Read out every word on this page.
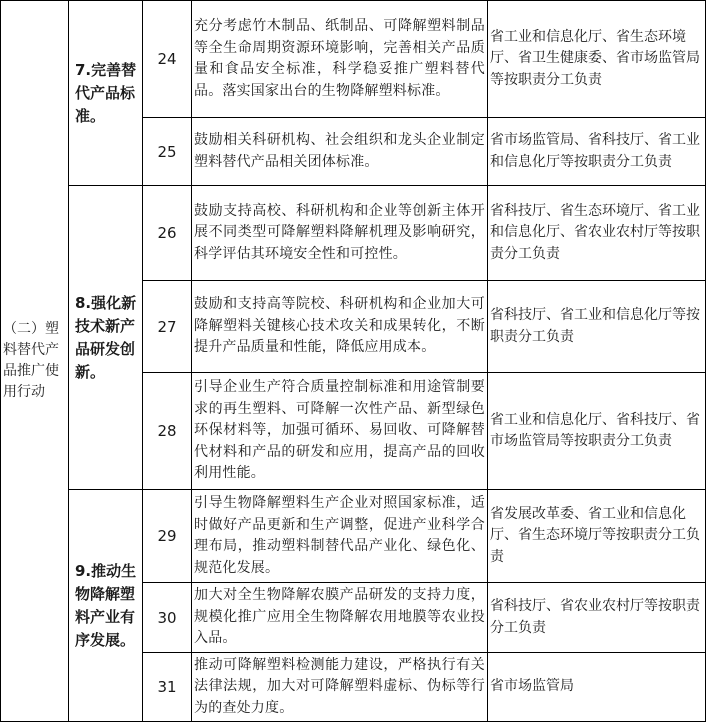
（二）塑料替代产品推广使用行动	7.完善替代产品标准。	24	充分考虑竹木制品、纸制品、可降解塑料制品等全生命周期资源环境影响，完善相关产品质量和食品安全标准，科学稳妥推广塑料替代品。落实国家出台的生物降解塑料标准。	省工业和信息化厅、省生态环境厅、省卫生健康委、省市场监管局等按职责分工负责
		25	鼓励相关科研机构、社会组织和龙头企业制定塑料替代产品相关团体标准。	省市场监管局、省科技厅、省工业和信息化厅等按职责分工负责
	8.强化新技术新产品研发创新。	26	鼓励支持高校、科研机构和企业等创新主体开展不同类型可降解塑料降解机理及影响研究，科学评估其环境安全性和可控性。	省科技厅、省生态环境厅、省工业和信息化厅、省农业农村厅等按职责分工负责
		27	鼓励和支持高等院校、科研机构和企业加大可降解塑料关键核心技术攻关和成果转化，不断提升产品质量和性能，降低应用成本。	省科技厅、省工业和信息化厅等按职责分工负责
		28	引导企业生产符合质量控制标准和用途管制要求的再生塑料、可降解一次性产品、新型绿色环保材料等，加强可循环、易回收、可降解替代材料和产品的研发和应用，提高产品的回收利用性能。	省工业和信息化厅、省科技厅、省市场监管局等按职责分工负责
	9.推动生物降解塑料产业有序发展。	29	引导生物降解塑料生产企业对照国家标准，适时做好产品更新和生产调整，促进产业科学合理布局，推动塑料制替代品产业化、绿色化、规范化发展。	省发展改革委、省工业和信息化厅、省生态环境厅等按职责分工负责
		30	加大对全生物降解农膜产品研发的支持力度，规模化推广应用全生物降解农用地膜等农业投入品。	省科技厅、省农业农村厅等按职责分工负责
		31	推动可降解塑料检测能力建设，严格执行有关法律法规，加大对可降解塑料虚标、伪标等行为的查处力度。	省市场监管局
